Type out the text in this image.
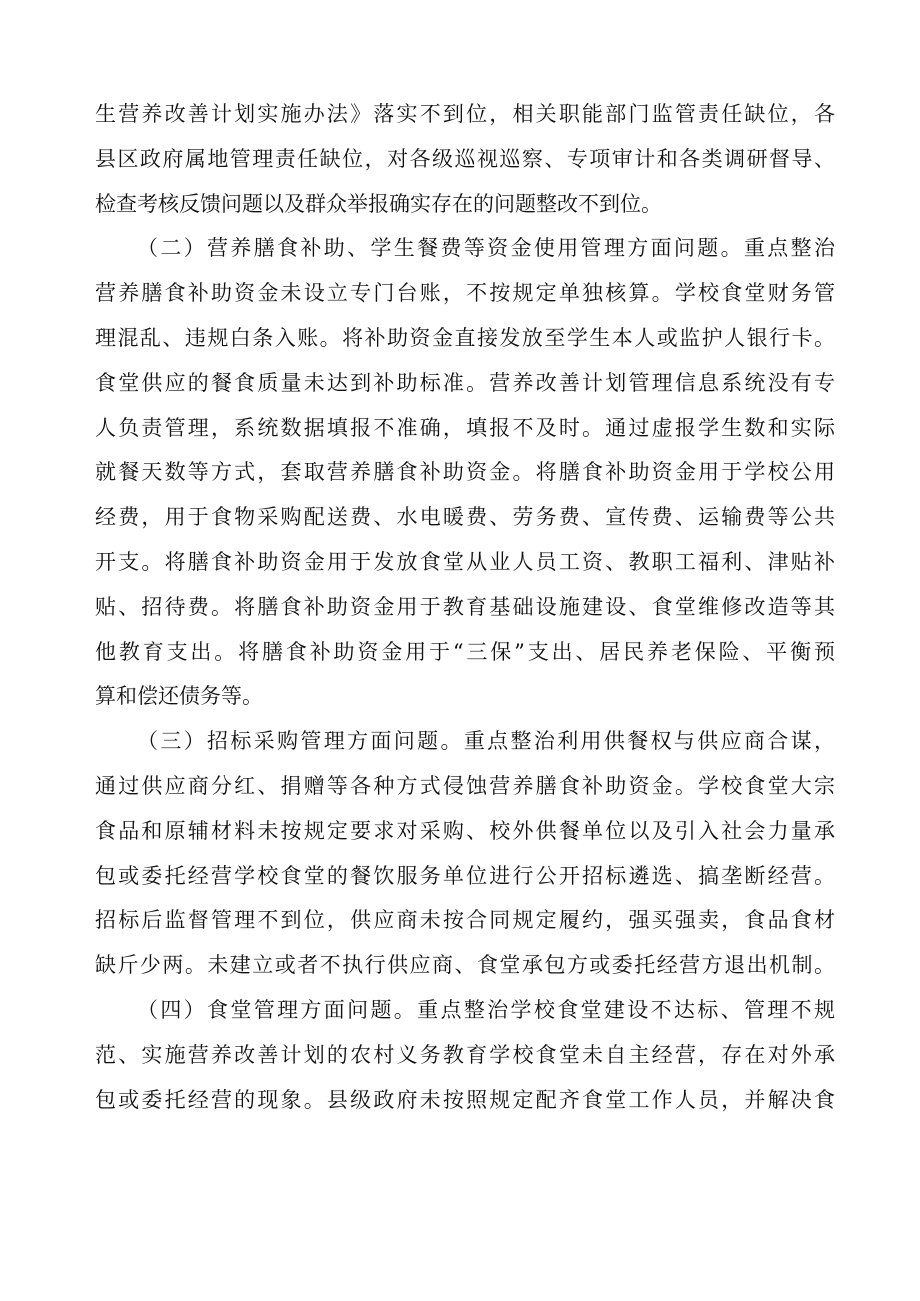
生营养改善计划实施办法》落实不到位，相关职能部门监管责任缺位，各
县区政府属地管理责任缺位，对各级巡视巡察、专项审计和各类调研督导、
检查考核反馈问题以及群众举报确实存在的问题整改不到位。
（二）营养膳食补助、学生餐费等资金使用管理方面问题。重点整治
营养膳食补助资金未设立专门台账，不按规定单独核算。学校食堂财务管
理混乱、违规白条入账。将补助资金直接发放至学生本人或监护人银行卡。
食堂供应的餐食质量未达到补助标准。营养改善计划管理信息系统没有专
人负责管理，系统数据填报不准确，填报不及时。通过虚报学生数和实际
就餐天数等方式，套取营养膳食补助资金。将膳食补助资金用于学校公用
经费，用于食物采购配送费、水电暖费、劳务费、宣传费、运输费等公共
开支。将膳食补助资金用于发放食堂从业人员工资、教职工福利、津贴补
贴、招待费。将膳食补助资金用于教育基础设施建设、食堂维修改造等其
他教育支出。将膳食补助资金用于“三保”支出、居民养老保险、平衡预
算和偿还债务等。
（三）招标采购管理方面问题。重点整治利用供餐权与供应商合谋，
通过供应商分红、捐赠等各种方式侵蚀营养膳食补助资金。学校食堂大宗
食品和原辅材料未按规定要求对采购、校外供餐单位以及引入社会力量承
包或委托经营学校食堂的餐饮服务单位进行公开招标遴选、搞垄断经营。
招标后监督管理不到位，供应商未按合同规定履约，强买强卖，食品食材
缺斤少两。未建立或者不执行供应商、食堂承包方或委托经营方退出机制。
（四）食堂管理方面问题。重点整治学校食堂建设不达标、管理不规
范、实施营养改善计划的农村义务教育学校食堂未自主经营，存在对外承
包或委托经营的现象。县级政府未按照规定配齐食堂工作人员，并解决食
